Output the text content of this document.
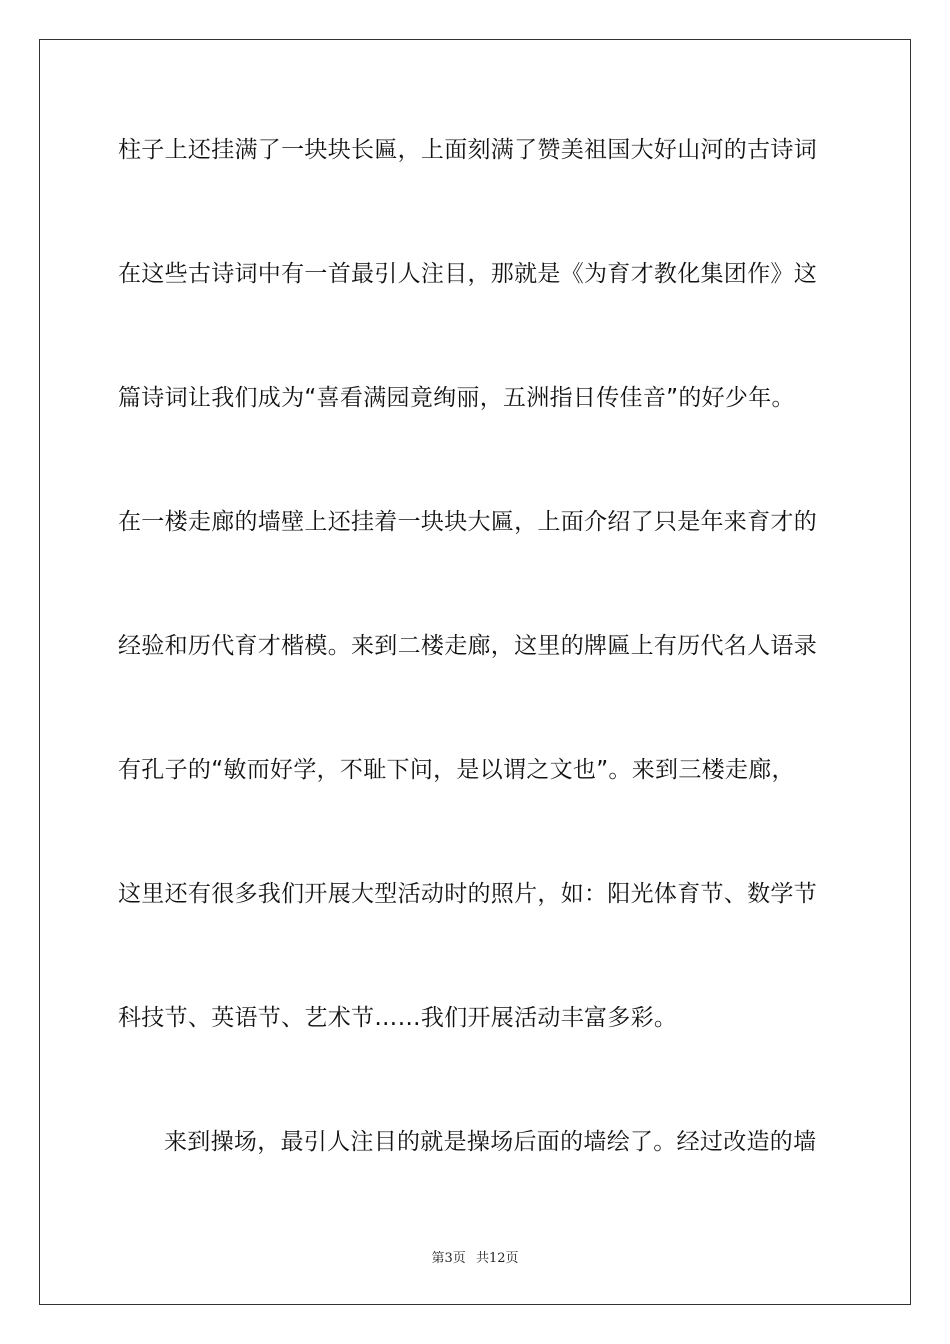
柱子上还挂满了一块块长匾，上面刻满了赞美祖国大好山河的古诗词

在这些古诗词中有一首最引人注目，那就是《为育才教化集团作》这

篇诗词让我们成为“喜看满园竟绚丽，五洲指日传佳音”的好少年。

在一楼走廊的墙壁上还挂着一块块大匾，上面介绍了只是年来育才的

经验和历代育才楷模。来到二楼走廊，这里的牌匾上有历代名人语录

有孔子的“敏而好学，不耻下问，是以谓之文也”。来到三楼走廊，

这里还有很多我们开展大型活动时的照片，如：阳光体育节、数学节

科技节、英语节、艺术节……我们开展活动丰富多彩。

来到操场，最引人注目的就是操场后面的墙绘了。经过改造的墙

第3页 共12页
